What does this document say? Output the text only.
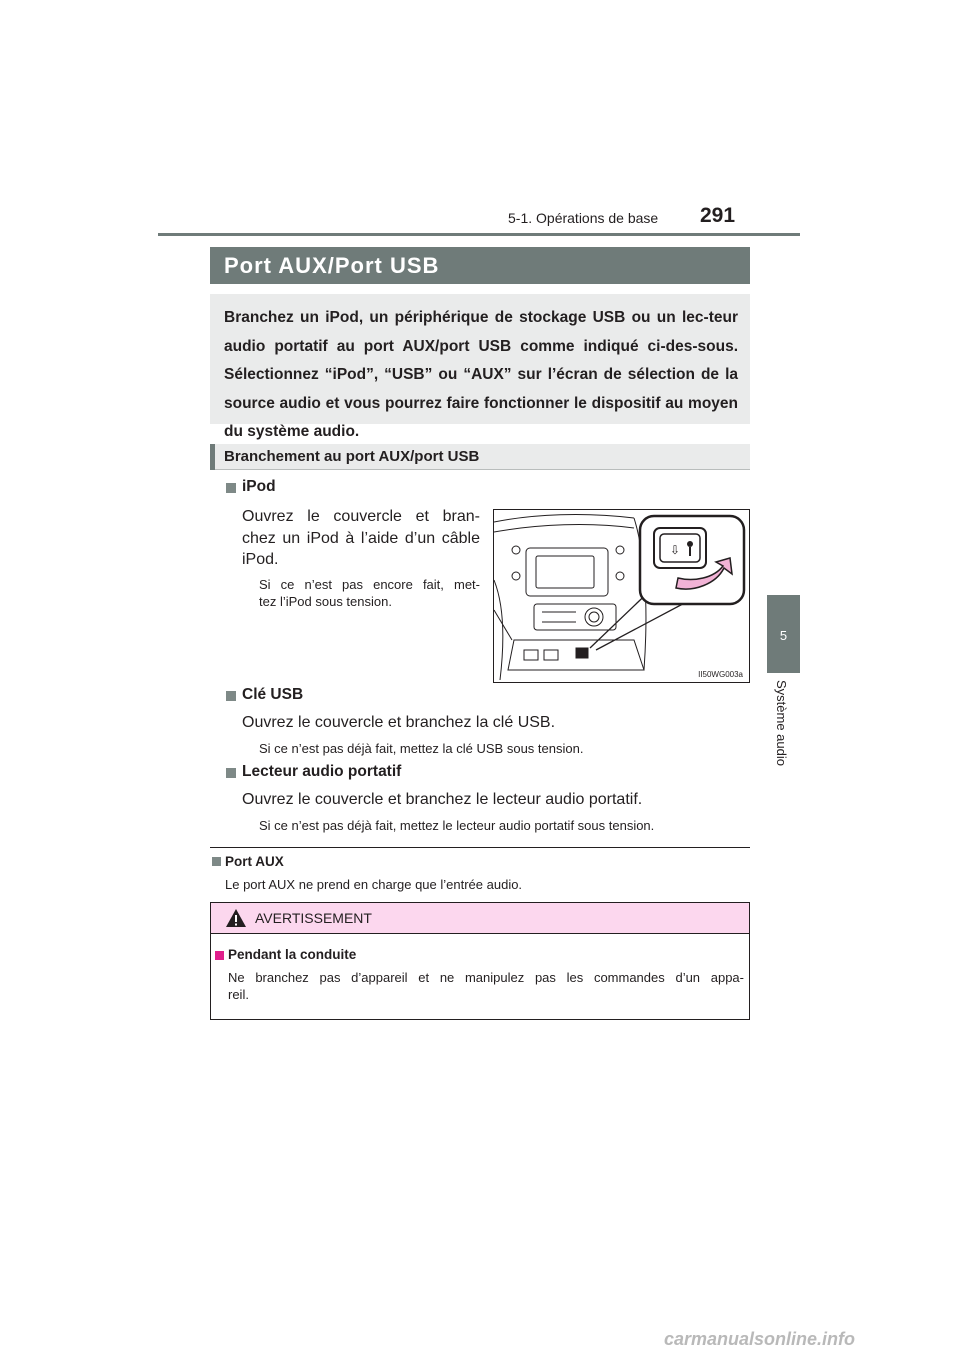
5-1. Opérations de base 291
5
Système audio
Port AUX/Port USB

Branchez un iPod, un périphérique de stockage USB ou un lec-teur audio portatif au port AUX/port USB comme indiqué ci-des-sous. Sélectionnez “iPod”, “USB” ou “AUX” sur l’écran de sélection de la source audio et vous pourrez faire fonctionner le dispositif au moyen du système audio.

Branchement au port AUX/port USB
iPod
Ouvrez le couvercle et bran-
chez un iPod à l’aide d’un câble
iPod.
Si ce n’est pas encore fait, met-
tez l’iPod sous tension.
⇩
II50WG003a
Clé USB
Ouvrez le couvercle et branchez la clé USB.
Si ce n’est pas déjà fait, mettez la clé USB sous tension.
Lecteur audio portatif
Ouvrez le couvercle et branchez le lecteur audio portatif.
Si ce n’est pas déjà fait, mettez le lecteur audio portatif sous tension.
Port AUX
Le port AUX ne prend en charge que l’entrée audio.
AVERTISSEMENT
Pendant la conduite
Ne branchez pas d’appareil et ne manipulez pas les commandes d’un appa-
reil.
carmanualsonline.info
